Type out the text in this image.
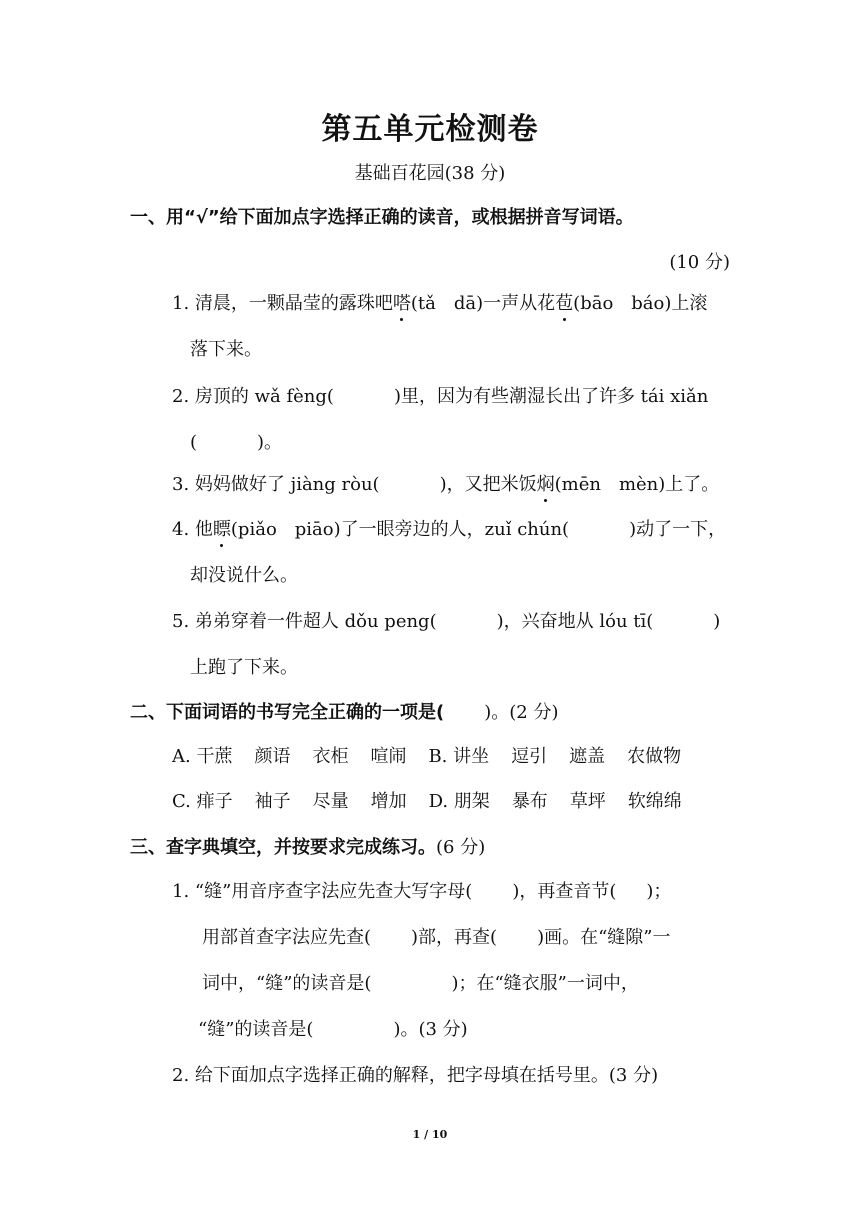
第五单元检测卷
基础百花园(38 分)
一、用“√”给下面加点字选择正确的读音，或根据拼音写词语。
(10 分)
1. 清晨，一颗晶莹的露珠吧嗒(tǎ　dā)一声从花苞(bāo　báo)上滚
落下来。
2. 房顶的 wǎ fèng(	)里，因为有些潮湿长出了许多 tái xiǎn
(	)。
3. 妈妈做好了 jiàng ròu(	)，又把米饭焖(mēn　mèn)上了。
4. 他瞟(piǎo　piāo)了一眼旁边的人，zuǐ chún(	)动了一下，
却没说什么。
5. 弟弟穿着一件超人 dǒu peng(	)，兴奋地从 lóu tī(	)
上跑了下来。
二、下面词语的书写完全正确的一项是( )。(2 分)
A. 干蔗 颜语 衣柜 喧闹 B. 讲坐 逗引 遮盖 农做物
C. 痱子 袖子 尽量 增加 D. 朋架 暴布 草坪 软绵绵
三、查字典填空，并按要求完成练习。(6 分)
1. “缝”用音序查字法应先查大写字母( )，再查音节( )；
用部首查字法应先查( )部，再查( )画。在“缝隙”一
词中，“缝”的读音是(	)；在“缝衣服”一词中，
“缝”的读音是(	)。(3 分)
2. 给下面加点字选择正确的解释，把字母填在括号里。(3 分)
1 / 10
